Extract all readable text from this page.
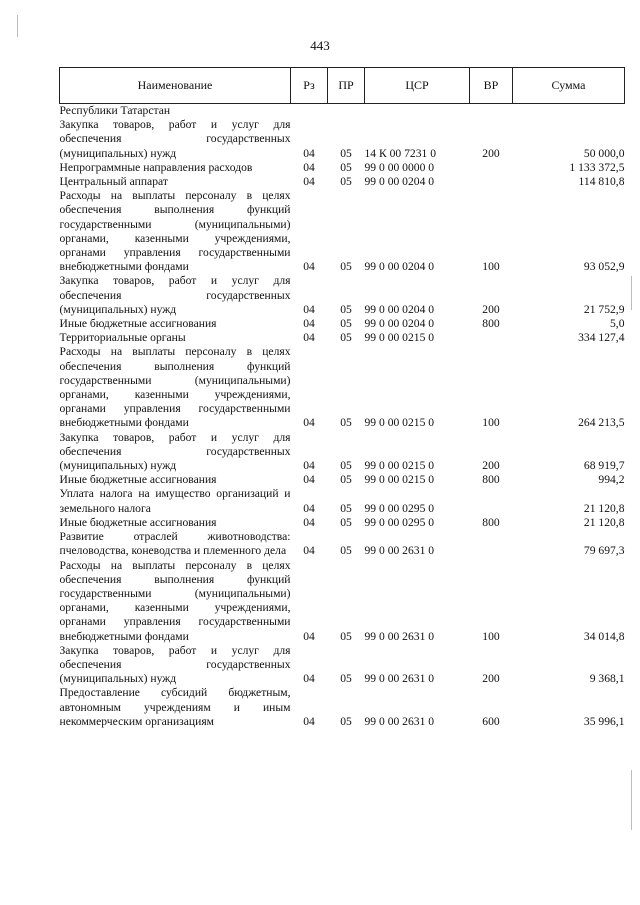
443
Наименование	Рз	ПР	ЦСР	ВР	Сумма
Республики Татарстан					
Закупка товаров, работ и услуг для обеспечения государственных (муниципальных) нужд	04	05	14 К 00 7231 0	200	50 000,0
Непрограммные направления расходов	04	05	99 0 00 0000 0		1 133 372,5
Центральный аппарат	04	05	99 0 00 0204 0		114 810,8
Расходы на выплаты персоналу в целях обеспечения выполнения функций государственными (муниципальными) органами, казенными учреждениями, органами управления государственными внебюджетными фондами	04	05	99 0 00 0204 0	100	93 052,9
Закупка товаров, работ и услуг для обеспечения государственных (муниципальных) нужд	04	05	99 0 00 0204 0	200	21 752,9
Иные бюджетные ассигнования	04	05	99 0 00 0204 0	800	5,0
Территориальные органы	04	05	99 0 00 0215 0		334 127,4
Расходы на выплаты персоналу в целях обеспечения выполнения функций государственными (муниципальными) органами, казенными учреждениями, органами управления государственными внебюджетными фондами	04	05	99 0 00 0215 0	100	264 213,5
Закупка товаров, работ и услуг для обеспечения государственных (муниципальных) нужд	04	05	99 0 00 0215 0	200	68 919,7
Иные бюджетные ассигнования	04	05	99 0 00 0215 0	800	994,2
Уплата налога на имущество организаций и земельного налога	04	05	99 0 00 0295 0		21 120,8
Иные бюджетные ассигнования	04	05	99 0 00 0295 0	800	21 120,8
Развитие отраслей животноводства: пчеловодства, коневодства и племенного дела	04	05	99 0 00 2631 0		79 697,3
Расходы на выплаты персоналу в целях обеспечения выполнения функций государственными (муниципальными) органами, казенными учреждениями, органами управления государственными внебюджетными фондами	04	05	99 0 00 2631 0	100	34 014,8
Закупка товаров, работ и услуг для обеспечения государственных (муниципальных) нужд	04	05	99 0 00 2631 0	200	9 368,1
Предоставление субсидий бюджетным, автономным учреждениям и иным некоммерческим организациям	04	05	99 0 00 2631 0	600	35 996,1
